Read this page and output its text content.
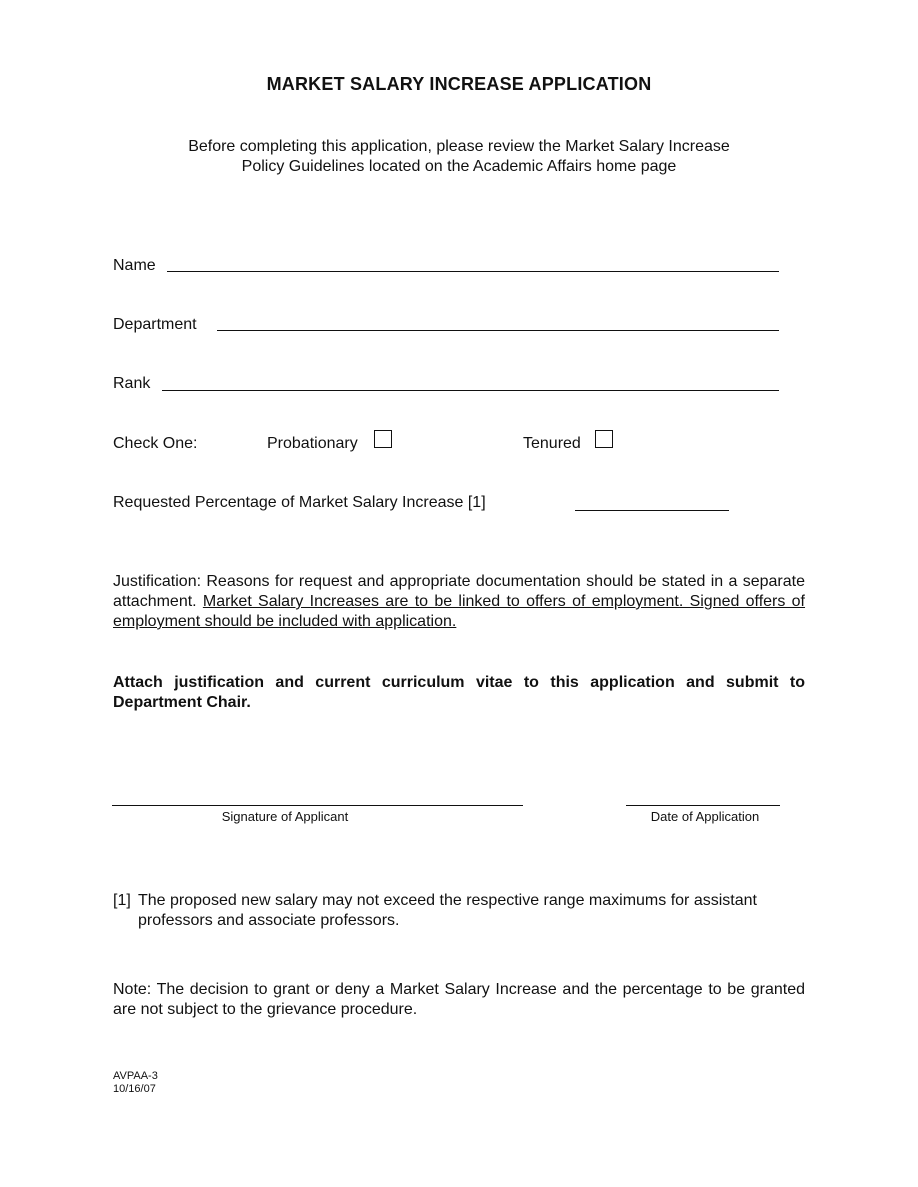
MARKET SALARY INCREASE APPLICATION
Before completing this application, please review the Market Salary Increase
Policy Guidelines located on the Academic Affairs home page
Name
Department
Rank
Check One:	Probationary	Tenured
Requested Percentage of Market Salary Increase [1]
Justification: Reasons for request and appropriate documentation should be stated in a separate attachment. Market Salary Increases are to be linked to offers of employment. Signed offers of employment should be included with application.
Attach justification and current curriculum vitae to this application and submit to Department Chair.
Signature of Applicant	Date of Application
[1] The proposed new salary may not exceed the respective range maximums for assistant professors and associate professors.
Note: The decision to grant or deny a Market Salary Increase and the percentage to be granted are not subject to the grievance procedure.
AVPAA-3
10/16/07
